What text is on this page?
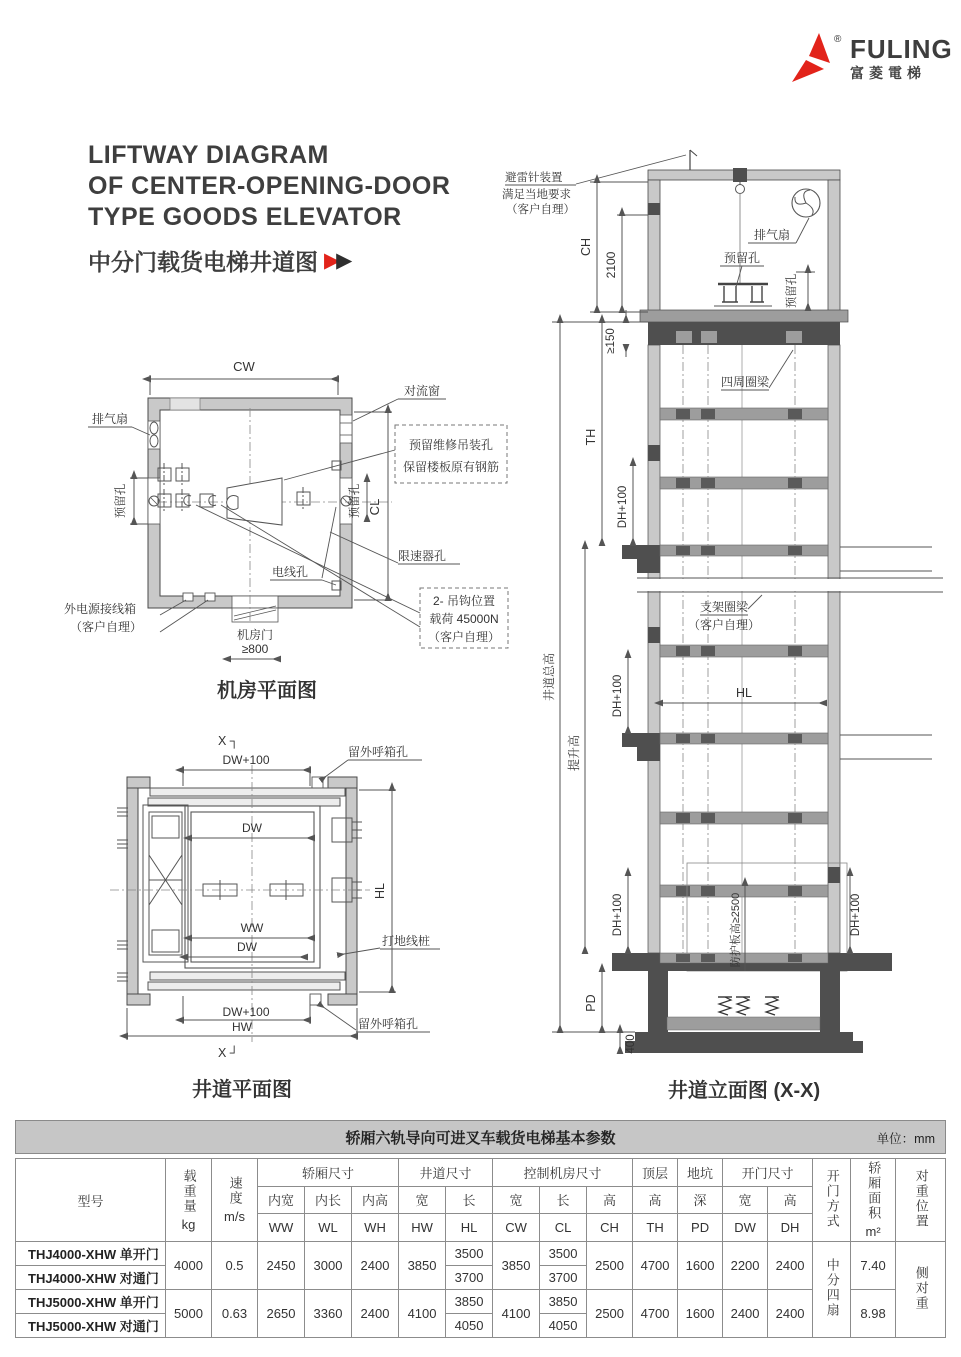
® FULING
富菱電梯
LIFTWAY DIAGRAM
OF CENTER-OPENING-DOOR
TYPE GOODS ELEVATOR
中分门载货电梯井道图 ▶
▶
CW
CL
预留孔
预留孔
排气扇
对流窗
预留维修吊装孔
保留楼板原有钢筋
限速器孔
电线孔
2- 吊钩位置
载荷 45000N
（客户自理）
外电源接线箱
（客户自理）
机房门
≥800
机房平面图
X ┐
DW+100
留外呼箱孔
DW
HL
WW
DW	打地线桩
DW+100
HW	留外呼箱孔
X ┘
井道平面图
避雷针装置
满足当地要求
（客户自理）
CH
2100
排气扇
预留孔
预留孔
≥150
TH
四周圈梁
DH+100
支架圈梁
（客户自理）
DH+100	HL
井道总高
提升高
防护板高≥2500
DH+100	DH+100
PD
400
井道立面图 (X-X)
轿厢六轨导向可进叉车载货电梯基本参数	单位：mm
型号	载重量
kg	速度
m/s	轿厢尺寸			井道尺寸		控制机房尺寸			顶层	地坑	开门尺寸		开门方式	轿厢面积
m²	对重位置
			内宽	内长	内高	宽	长	宽	长	高	高	深	宽	高			
			WW	WL	WH	HW	HL	CW	CL	CH	TH	PD	DW	DH			
THJ4000-XHW 单开门	4000	0.5	2450	3000	2400	3850	3500	3850	3500	2500	4700	1600	2200	2400	中分四扇	7.40	侧对重
THJ4000-XHW 对通门							3700		3700								
THJ5000-XHW 单开门	5000	0.63	2650	3360	2400	4100	3850	4100	3850	2500	4700	1600	2400	2400		8.98	
THJ5000-XHW 对通门							4050		4050								
